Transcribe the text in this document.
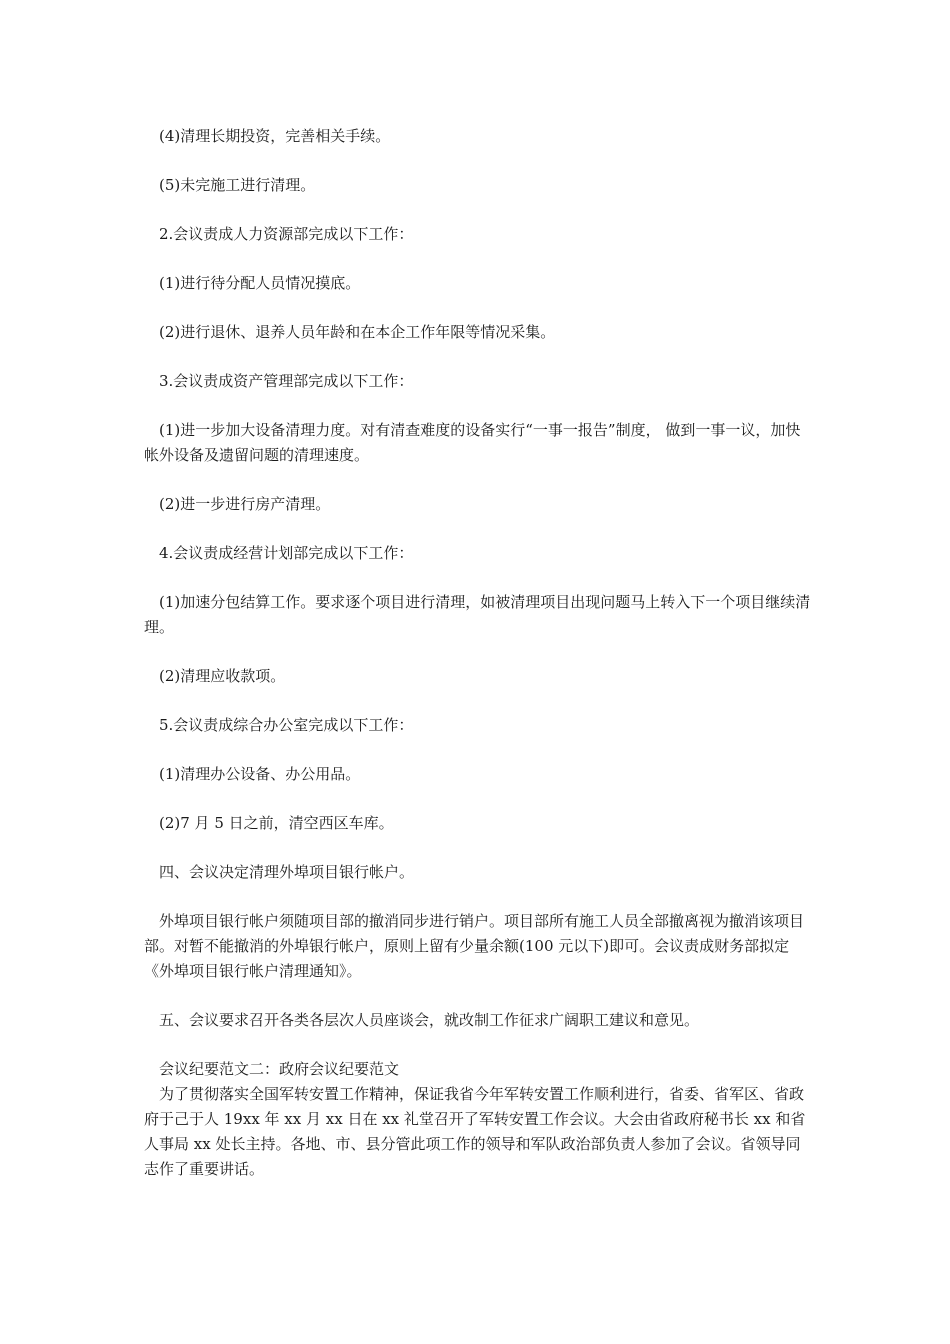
(4)清理长期投资，完善相关手续。

(5)未完施工进行清理。

2.会议责成人力资源部完成以下工作：

(1)进行待分配人员情况摸底。

(2)进行退休、退养人员年龄和在本企工作年限等情况采集。

3.会议责成资产管理部完成以下工作：

(1)进一步加大设备清理力度。对有清查难度的设备实行“一事一报告”制度， 做到一事一议，加快帐外设备及遗留问题的清理速度。

(2)进一步进行房产清理。

4.会议责成经营计划部完成以下工作：

(1)加速分包结算工作。要求逐个项目进行清理，如被清理项目出现问题马上转入下一个项目继续清理。

(2)清理应收款项。

5.会议责成综合办公室完成以下工作：

(1)清理办公设备、办公用品。

(2)7 月 5 日之前，清空西区车库。

四、会议决定清理外埠项目银行帐户。

外埠项目银行帐户须随项目部的撤消同步进行销户。项目部所有施工人员全部撤离视为撤消该项目部。对暂不能撤消的外埠银行帐户，原则上留有少量余额(100 元以下)即可。会议责成财务部拟定《外埠项目银行帐户清理通知》。

五、会议要求召开各类各层次人员座谈会，就改制工作征求广阔职工建议和意见。

会议纪要范文二：政府会议纪要范文

为了贯彻落实全国军转安置工作精神，保证我省今年军转安置工作顺利进行，省委、省军区、省政府于己于人 19xx 年 xx 月 xx 日在 xx 礼堂召开了军转安置工作会议。大会由省政府秘书长 xx 和省人事局 xx 处长主持。各地、市、县分管此项工作的领导和军队政治部负责人参加了会议。省领导同志作了重要讲话。
